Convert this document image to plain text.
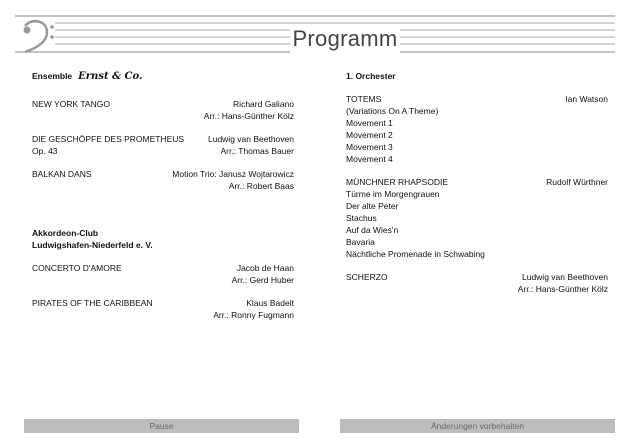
Programm
Ensemble Ernst & Co.
NEW YORK TANGO	Richard Galiano
Arr.: Hans-Günther Kölz
DIE GESCHÖPFE DES PROMETHEUS	Ludwig van Beethoven
Op. 43	Arr.: Thomas Bauer
BALKAN DANS	Motion Trio: Janusz Wojtarowicz
Arr.: Robert Baas
Akkordeon-Club
Ludwigshafen-Niederfeld e. V.
CONCERTO D'AMORE	Jacob de Haan
Arr.: Gerd Huber
PIRATES OF THE CARIBBEAN	Klaus Badelt
Arr.: Ronny Fugmann
1. Orchester
TOTEMS	Ian Watson
(Variations On A Theme)
Movement 1
Movement 2
Movement 3
Movement 4
MÜNCHNER RHAPSODIE	Rudolf Würthner
Türme im Morgengrauen
Der alte Peter
Stachus
Auf da Wies'n
Bavaria
Nächtliche Promenade in Schwabing
SCHERZO	Ludwig van Beethoven
Arr.: Hans-Günther Kölz
Pause	Änderungen vorbehalten
